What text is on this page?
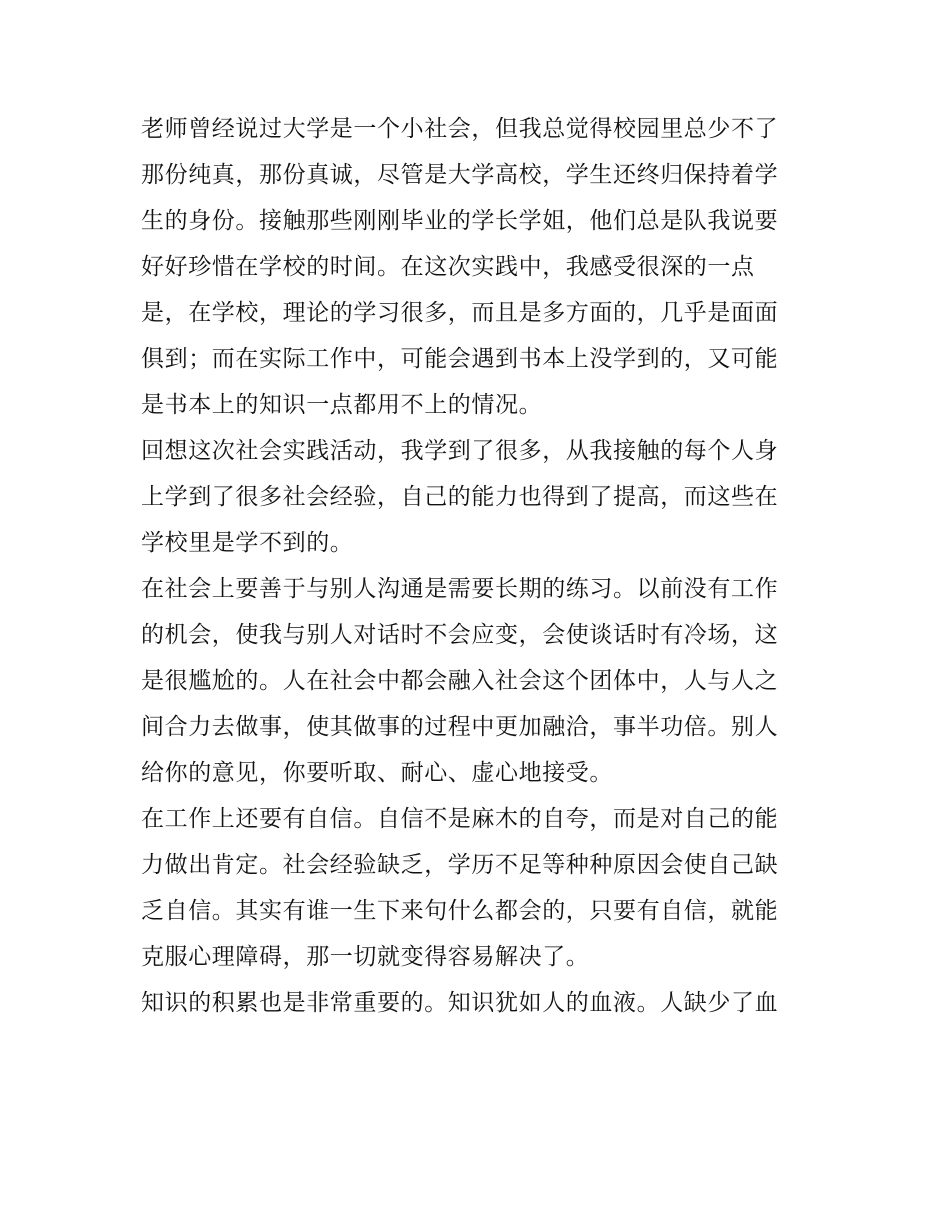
老师曾经说过大学是一个小社会，但我总觉得校园里总少不了
那份纯真，那份真诚，尽管是大学高校，学生还终归保持着学
生的身份。接触那些刚刚毕业的学长学姐，他们总是队我说要
好好珍惜在学校的时间。在这次实践中，我感受很深的一点
是，在学校，理论的学习很多，而且是多方面的，几乎是面面
俱到；而在实际工作中，可能会遇到书本上没学到的，又可能
是书本上的知识一点都用不上的情况。
回想这次社会实践活动，我学到了很多，从我接触的每个人身
上学到了很多社会经验，自己的能力也得到了提高，而这些在
学校里是学不到的。
在社会上要善于与别人沟通是需要长期的练习。以前没有工作
的机会，使我与别人对话时不会应变，会使谈话时有冷场，这
是很尴尬的。人在社会中都会融入社会这个团体中，人与人之
间合力去做事，使其做事的过程中更加融洽，事半功倍。别人
给你的意见，你要听取、耐心、虚心地接受。
在工作上还要有自信。自信不是麻木的自夸，而是对自己的能
力做出肯定。社会经验缺乏，学历不足等种种原因会使自己缺
乏自信。其实有谁一生下来句什么都会的，只要有自信，就能
克服心理障碍，那一切就变得容易解决了。
知识的积累也是非常重要的。知识犹如人的血液。人缺少了血
